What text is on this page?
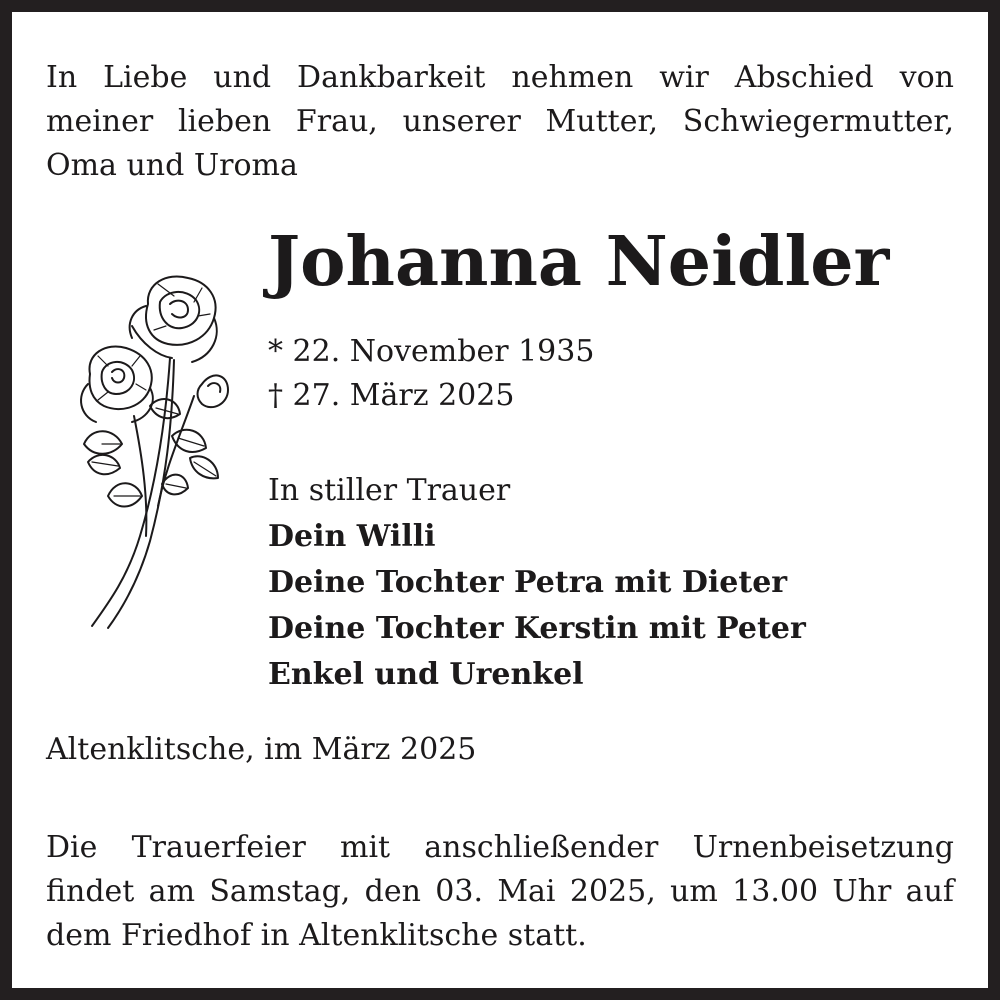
In Liebe und Dankbarkeit nehmen wir Abschied von
meiner lieben Frau, unserer Mutter, Schwiegermutter,
Oma und Uroma
Johanna Neidler
* 22. November 1935
† 27. März 2025
In stiller Trauer
Dein Willi
Deine Tochter Petra mit Dieter
Deine Tochter Kerstin mit Peter
Enkel und Urenkel
Altenklitsche, im März 2025
Die Trauerfeier mit anschließender Urnenbeisetzung
findet am Samstag, den 03. Mai 2025, um 13.00 Uhr auf
dem Friedhof in Altenklitsche statt.
